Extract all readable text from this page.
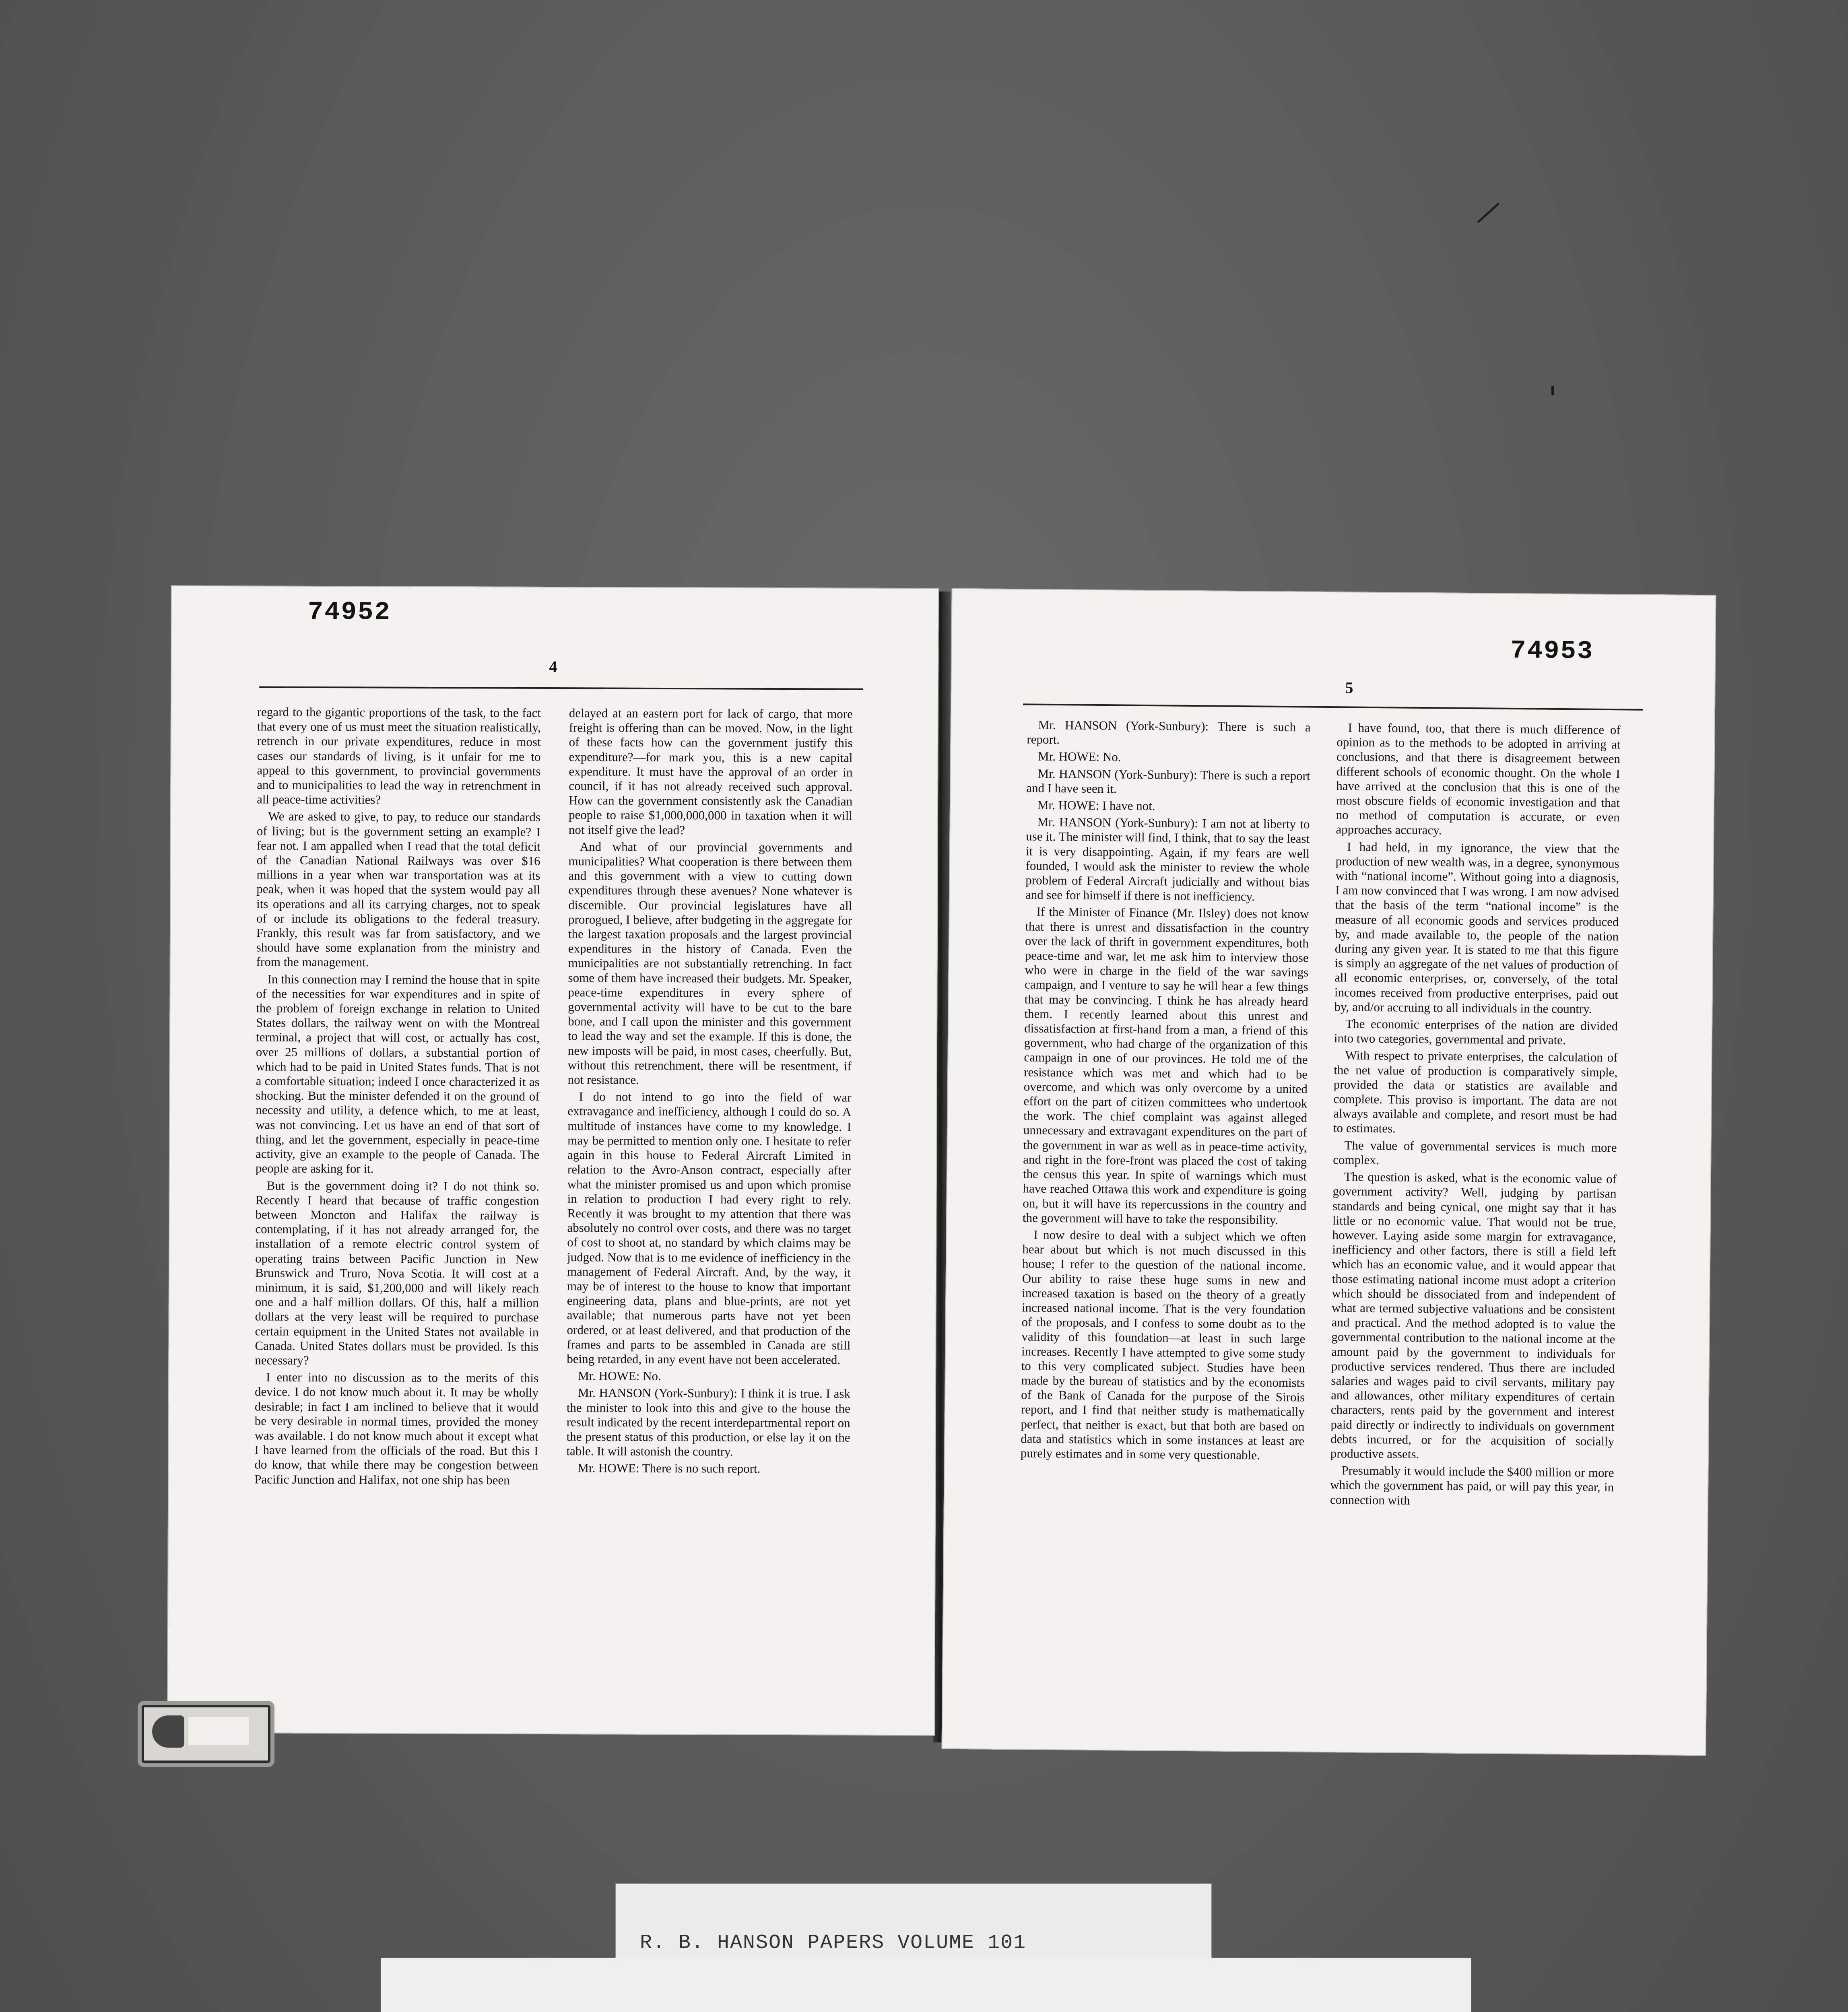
74952
4

regard to the gigantic proportions of the task, to the fact that every one of us must meet the situation realistically, retrench in our private expenditures, reduce in most cases our standards of living, is it unfair for me to appeal to this government, to provincial governments and to municipalities to lead the way in retrenchment in all peace-time activities?

We are asked to give, to pay, to reduce our standards of living; but is the government setting an example? I fear not. I am appalled when I read that the total deficit of the Canadian National Railways was over $16 millions in a year when war transportation was at its peak, when it was hoped that the system would pay all its operations and all its carrying charges, not to speak of or include its obligations to the federal treasury. Frankly, this result was far from satisfactory, and we should have some explanation from the ministry and from the management.

In this connection may I remind the house that in spite of the necessities for war expenditures and in spite of the problem of foreign exchange in relation to United States dollars, the railway went on with the Montreal terminal, a project that will cost, or actually has cost, over 25 millions of dollars, a substantial portion of which had to be paid in United States funds. That is not a comfortable situation; indeed I once characterized it as shocking. But the minister defended it on the ground of necessity and utility, a defence which, to me at least, was not convincing. Let us have an end of that sort of thing, and let the government, especially in peace-time activity, give an example to the people of Canada. The people are asking for it.

But is the government doing it? I do not think so. Recently I heard that because of traffic congestion between Moncton and Halifax the railway is contemplating, if it has not already arranged for, the installation of a remote electric control system of operating trains between Pacific Junction in New Brunswick and Truro, Nova Scotia. It will cost at a minimum, it is said, $1,200,000 and will likely reach one and a half million dollars. Of this, half a million dollars at the very least will be required to purchase certain equipment in the United States not available in Canada. United States dollars must be provided. Is this necessary?

I enter into no discussion as to the merits of this device. I do not know much about it. It may be wholly desirable; in fact I am inclined to believe that it would be very desirable in normal times, provided the money was available. I do not know much about it except what I have learned from the officials of the road. But this I do know, that while there may be congestion between Pacific Junction and Halifax, not one ship has been

delayed at an eastern port for lack of cargo, that more freight is offering than can be moved. Now, in the light of these facts how can the government justify this expenditure?—for mark you, this is a new capital expenditure. It must have the approval of an order in council, if it has not already received such approval. How can the government consistently ask the Canadian people to raise $1,000,000,000 in taxation when it will not itself give the lead?

And what of our provincial governments and municipalities? What cooperation is there between them and this government with a view to cutting down expenditures through these avenues? None whatever is discernible. Our provincial legislatures have all prorogued, I believe, after budgeting in the aggregate for the largest taxation proposals and the largest provincial expenditures in the history of Canada. Even the municipalities are not substantially retrenching. In fact some of them have increased their budgets. Mr. Speaker, peace-time expenditures in every sphere of governmental activity will have to be cut to the bare bone, and I call upon the minister and this government to lead the way and set the example. If this is done, the new imposts will be paid, in most cases, cheerfully. But, without this retrenchment, there will be resentment, if not resistance.

I do not intend to go into the field of war extravagance and inefficiency, although I could do so. A multitude of instances have come to my knowledge. I may be permitted to mention only one. I hesitate to refer again in this house to Federal Aircraft Limited in relation to the Avro-Anson contract, especially after what the minister promised us and upon which promise in relation to production I had every right to rely. Recently it was brought to my attention that there was absolutely no control over costs, and there was no target of cost to shoot at, no standard by which claims may be judged. Now that is to me evidence of inefficiency in the management of Federal Aircraft. And, by the way, it may be of interest to the house to know that important engineering data, plans and blue-prints, are not yet available; that numerous parts have not yet been ordered, or at least delivered, and that production of the frames and parts to be assembled in Canada are still being retarded, in any event have not been accelerated.

Mr. HOWE: No.

Mr. HANSON (York-Sunbury): I think it is true. I ask the minister to look into this and give to the house the result indicated by the recent interdepartmental report on the present status of this production, or else lay it on the table. It will astonish the country.

Mr. HOWE: There is no such report.

74953
5

Mr. HANSON (York-Sunbury): There is such a report.

Mr. HOWE: No.

Mr. HANSON (York-Sunbury): There is such a report and I have seen it.

Mr. HOWE: I have not.

Mr. HANSON (York-Sunbury): I am not at liberty to use it. The minister will find, I think, that to say the least it is very disappointing. Again, if my fears are well founded, I would ask the minister to review the whole problem of Federal Aircraft judicially and without bias and see for himself if there is not inefficiency.

If the Minister of Finance (Mr. Ilsley) does not know that there is unrest and dissatisfaction in the country over the lack of thrift in government expenditures, both peace-time and war, let me ask him to interview those who were in charge in the field of the war savings campaign, and I venture to say he will hear a few things that may be convincing. I think he has already heard them. I recently learned about this unrest and dissatisfaction at first-hand from a man, a friend of this government, who had charge of the organization of this campaign in one of our provinces. He told me of the resistance which was met and which had to be overcome, and which was only overcome by a united effort on the part of citizen committees who undertook the work. The chief complaint was against alleged unnecessary and extravagant expenditures on the part of the government in war as well as in peace-time activity, and right in the fore-front was placed the cost of taking the census this year. In spite of warnings which must have reached Ottawa this work and expenditure is going on, but it will have its repercussions in the country and the government will have to take the responsibility.

I now desire to deal with a subject which we often hear about but which is not much discussed in this house; I refer to the question of the national income. Our ability to raise these huge sums in new and increased taxation is based on the theory of a greatly increased national income. That is the very foundation of the proposals, and I confess to some doubt as to the validity of this foundation—at least in such large increases. Recently I have attempted to give some study to this very complicated subject. Studies have been made by the bureau of statistics and by the economists of the Bank of Canada for the purpose of the Sirois report, and I find that neither study is mathematically perfect, that neither is exact, but that both are based on data and statistics which in some instances at least are purely estimates and in some very questionable.

I have found, too, that there is much difference of opinion as to the methods to be adopted in arriving at conclusions, and that there is disagreement between different schools of economic thought. On the whole I have arrived at the conclusion that this is one of the most obscure fields of economic investigation and that no method of computation is accurate, or even approaches accuracy.

I had held, in my ignorance, the view that the production of new wealth was, in a degree, synonymous with “national income”. Without going into a diagnosis, I am now convinced that I was wrong. I am now advised that the basis of the term “national income” is the measure of all economic goods and services produced by, and made available to, the people of the nation during any given year. It is stated to me that this figure is simply an aggregate of the net values of production of all economic enterprises, or, conversely, of the total incomes received from productive enterprises, paid out by, and/or accruing to all individuals in the country.

The economic enterprises of the nation are divided into two categories, governmental and private.

With respect to private enterprises, the calculation of the net value of production is comparatively simple, provided the data or statistics are available and complete. This proviso is important. The data are not always available and complete, and resort must be had to estimates.

The value of governmental services is much more complex.

The question is asked, what is the economic value of government activity? Well, judging by partisan standards and being cynical, one might say that it has little or no economic value. That would not be true, however. Laying aside some margin for extravagance, inefficiency and other factors, there is still a field left which has an economic value, and it would appear that those estimating national income must adopt a criterion which should be dissociated from and independent of what are termed subjective valuations and be consistent and practical. And the method adopted is to value the governmental contribution to the national income at the amount paid by the government to individuals for productive services rendered. Thus there are included salaries and wages paid to civil servants, military pay and allowances, other military expenditures of certain characters, rents paid by the government and interest paid directly or indirectly to individuals on government debts incurred, or for the acquisition of socially productive assets.

Presumably it would include the $400 million or more which the government has paid, or will pay this year, in connection with

R. B. HANSON PAPERS VOLUME 101
